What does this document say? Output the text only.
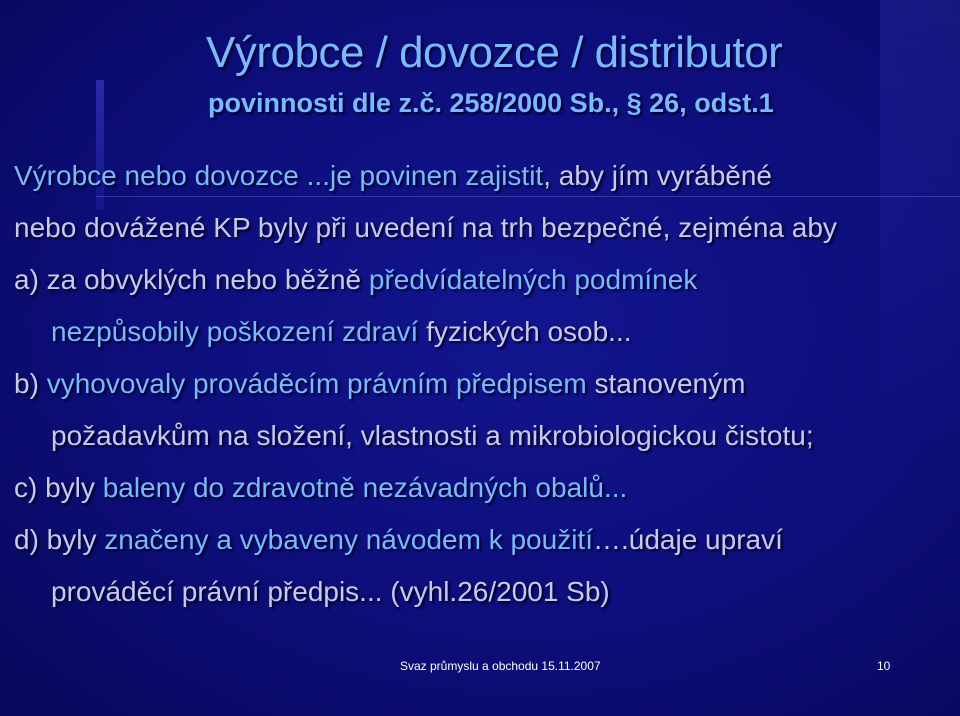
Výrobce / dovozce / distributor
povinnosti dle z.č. 258/2000 Sb., § 26, odst.1
Výrobce nebo dovozce ...je povinen zajistit, aby jím vyráběné
nebo dovážené KP byly při uvedení na trh bezpečné, zejména aby
a) za obvyklých nebo běžně předvídatelných podmínek
nezpůsobily poškození zdraví fyzických osob...
b) vyhovovaly prováděcím právním předpisem stanoveným
požadavkům na složení, vlastnosti a mikrobiologickou čistotu;
c) byly baleny do zdravotně nezávadných obalů...
d) byly značeny a vybaveny návodem k použití….údaje upraví
prováděcí právní předpis... (vyhl.26/2001 Sb)
Svaz průmyslu a obchodu 15.11.2007	10
